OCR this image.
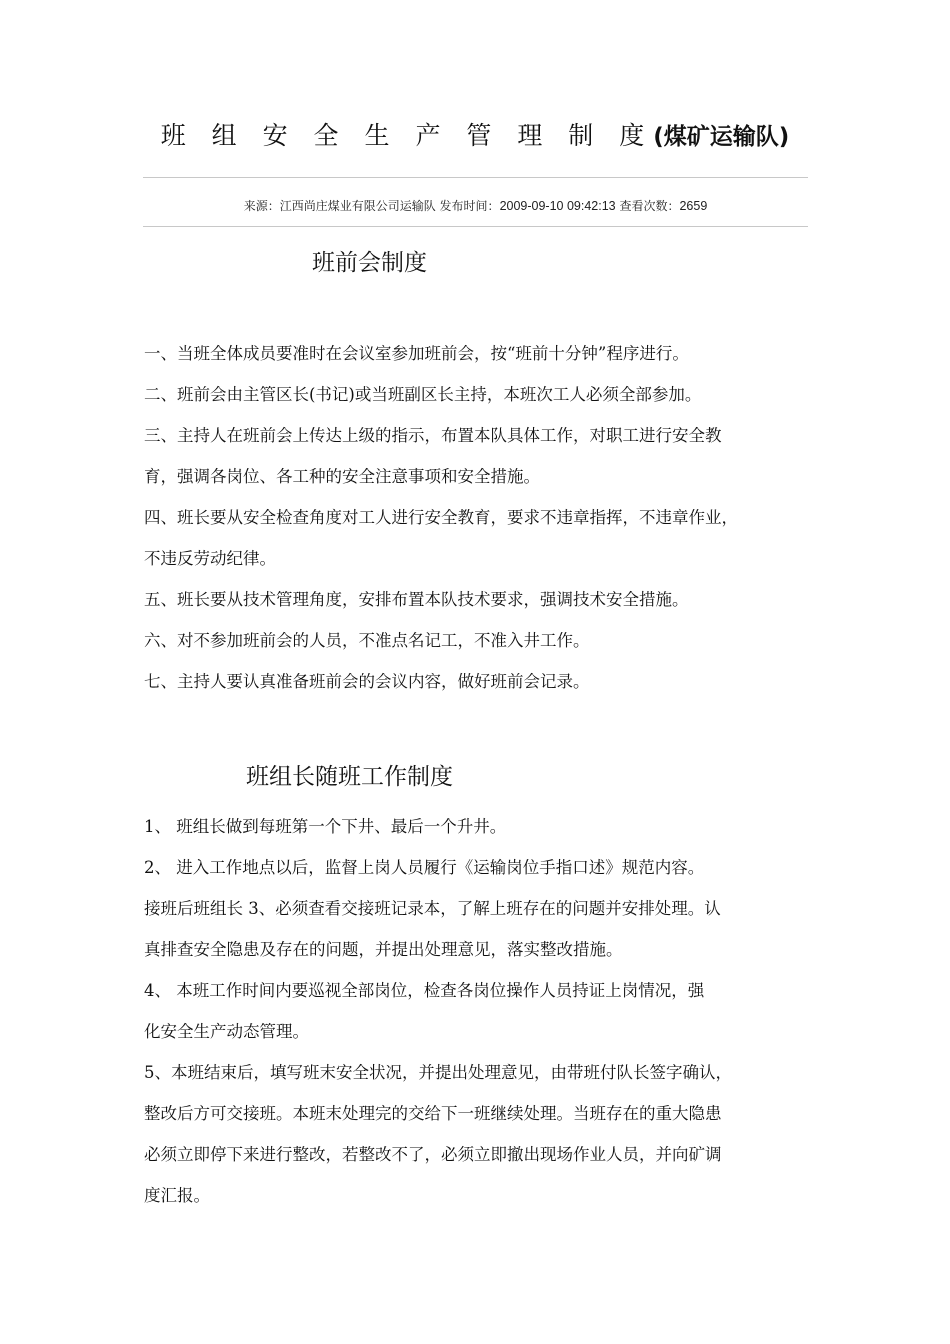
班 组 安 全 生 产 管 理 制 度(煤矿运输队)
来源：江西尚庄煤业有限公司运输队 发布时间：2009-09-10 09:42:13 查看次数：2659
班前会制度

一、当班全体成员要准时在会议室参加班前会，按“班前十分钟”程序进行。

二、班前会由主管区长(书记)或当班副区长主持，本班次工人必须全部参加。

三、主持人在班前会上传达上级的指示，布置本队具体工作，对职工进行安全教

育，强调各岗位、各工种的安全注意事项和安全措施。

四、班长要从安全检查角度对工人进行安全教育，要求不违章指挥，不违章作业，

不违反劳动纪律。

五、班长要从技术管理角度，安排布置本队技术要求，强调技术安全措施。

六、对不参加班前会的人员，不准点名记工，不准入井工作。

七、主持人要认真准备班前会的会议内容，做好班前会记录。

班组长随班工作制度

1、 班组长做到每班第一个下井、最后一个升井。

2、 进入工作地点以后，监督上岗人员履行《运输岗位手指口述》规范内容。

接班后班组长 3、必须查看交接班记录本，了解上班存在的问题并安排处理。认

真排查安全隐患及存在的问题，并提出处理意见，落实整改措施。

4、 本班工作时间内要巡视全部岗位，检查各岗位操作人员持证上岗情况，强

化安全生产动态管理。

5、本班结束后，填写班末安全状况，并提出处理意见，由带班付队长签字确认，

整改后方可交接班。本班末处理完的交给下一班继续处理。当班存在的重大隐患

必须立即停下来进行整改，若整改不了，必须立即撤出现场作业人员，并向矿调

度汇报。
